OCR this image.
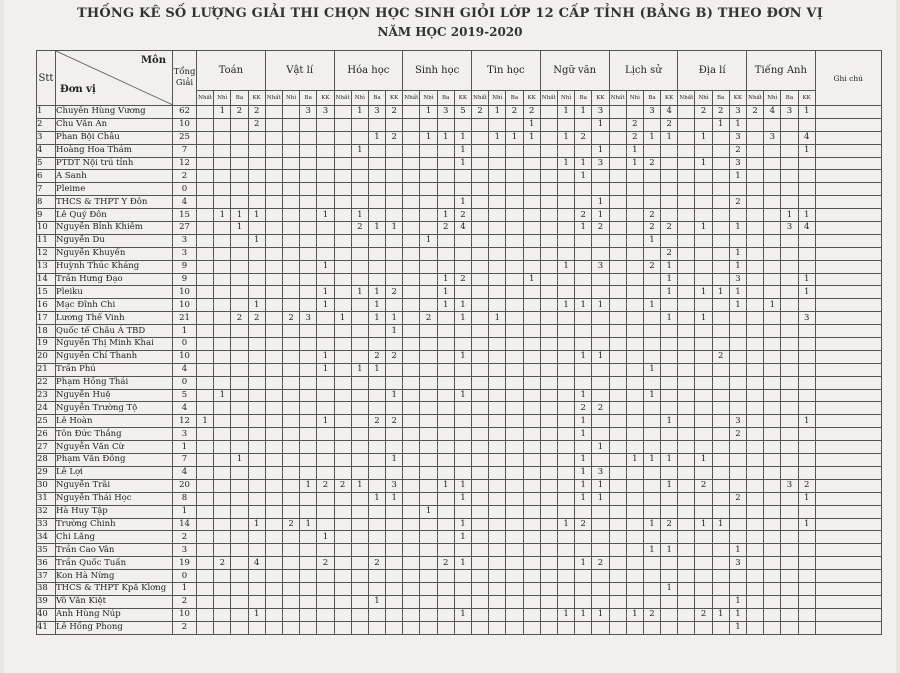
THỐNG KÊ SỐ LƯỢNG GIẢI THI CHỌN HỌC SINH GIỎI LỚP 12 CẤP TỈNH (BẢNG B) THEO ĐƠN VỊ
NĂM HỌC 2019-2020
Stt	Môn
Đơn vị	Tổng Giải	Toán				Vật lí				Hóa học				Sinh học				Tin học				Ngữ văn				Lịch sử				Địa lí				Tiếng Anh				Ghi chú
			Nhất	Nhì	Ba	KK	Nhất	Nhì	Ba	KK	Nhất	Nhì	Ba	KK	Nhất	Nhì	Ba	KK	Nhất	Nhì	Ba	KK	Nhất	Nhì	Ba	KK	Nhất	Nhì	Ba	KK	Nhất	Nhì	Ba	KK	Nhất	Nhì	Ba	KK	
1	Chuyên Hùng Vương	62		1	2	2			3	3		1	3	2		1	3	5	2	1	2	2		1	1	3			3	4		2	2	3	2	4	3	1	
2	Chu Văn An	10				2																1				1		2		2			1	1					
3	Phan Bội Châu	25											1	2		1	1	1		1	1	1		1	2			2	1	1		1		3		3		4	
4	Hoàng Hoa Thám	7										1						1								1		1						2				1	
5	PTDT Nội trú tỉnh	12																1						1	1	3		1	2			1		3					
6	A Sanh	2																							1									1					
7	Pleime	0																																					
8	THCS & THPT Y Đôn	4																1								1								2					
9	Lê Quý Đôn	15		1	1	1				1		1					1	2							2	1			2								1	1	
10	Nguyễn Bỉnh Khiêm	27			1							2	1	1			2	4							1	2			2	2		1		1			3	4	
11	Nguyễn Du	3				1										1													1										
12	Nguyễn Khuyến	3																												2				1					
13	Huỳnh Thúc Kháng	9								1														1		3			2	1				1					
14	Trần Hưng Đạo	9															1	2				1								1				3				1	
15	Pleiku	10								1		1	1	2			1													1		1	1	1				1	
16	Mạc Đĩnh Chi	10				1				1			1				1	1						1	1	1			1					1		1			
17	Lương Thế Vinh	21			2	2		2	3		1		1	1		2		1		1										1		1						3	
18	Quốc tế Châu Á TBD	1												1																									
19	Nguyễn Thị Minh Khai	0																																					
20	Nguyễn Chí Thanh	10								1			2	2				1							1	1							2						
21	Trần Phú	4								1		1	1																1										
22	Phạm Hồng Thái	0																																					
23	Nguyễn Huệ	5		1										1				1							1				1										
24	Nguyễn Trường Tộ	4																							2	2													
25	Lê Hoàn	12	1							1			2	2											1					1				3				1	
26	Tôn Đức Thắng	3																							1									2					
27	Nguyễn Văn Cừ	1																								1													
28	Phạm Văn Đồng	7			1									1											1			1	1	1		1							
29	Lê Lợi	4																							1	3													
30	Nguyễn Trãi	20							1	2	2	1		3			1	1							1	1				1		2					3	2	
31	Nguyễn Thái Học	8											1	1				1							1	1								2				1	
32	Hà Huy Tập	1														1																							
33	Trường Chinh	14				1		2	1									1						1	2				1	2		1	1					1	
34	Chi Lăng	2								1								1																					
35	Trần Cao Vân	3																											1	1				1					
36	Trần Quốc Tuấn	19		2		4				2			2				2	1							1	2								3					
37	Kon Hà Nừng	0																																					
38	THCS & THPT Kpă Klơng	1																												1									
39	Võ Văn Kiệt	2											1																					1					
40	Anh Hùng Núp	10				1												1						1	1	1		1	2			2	1	1					
41	Lê Hồng Phong	2																																1					
